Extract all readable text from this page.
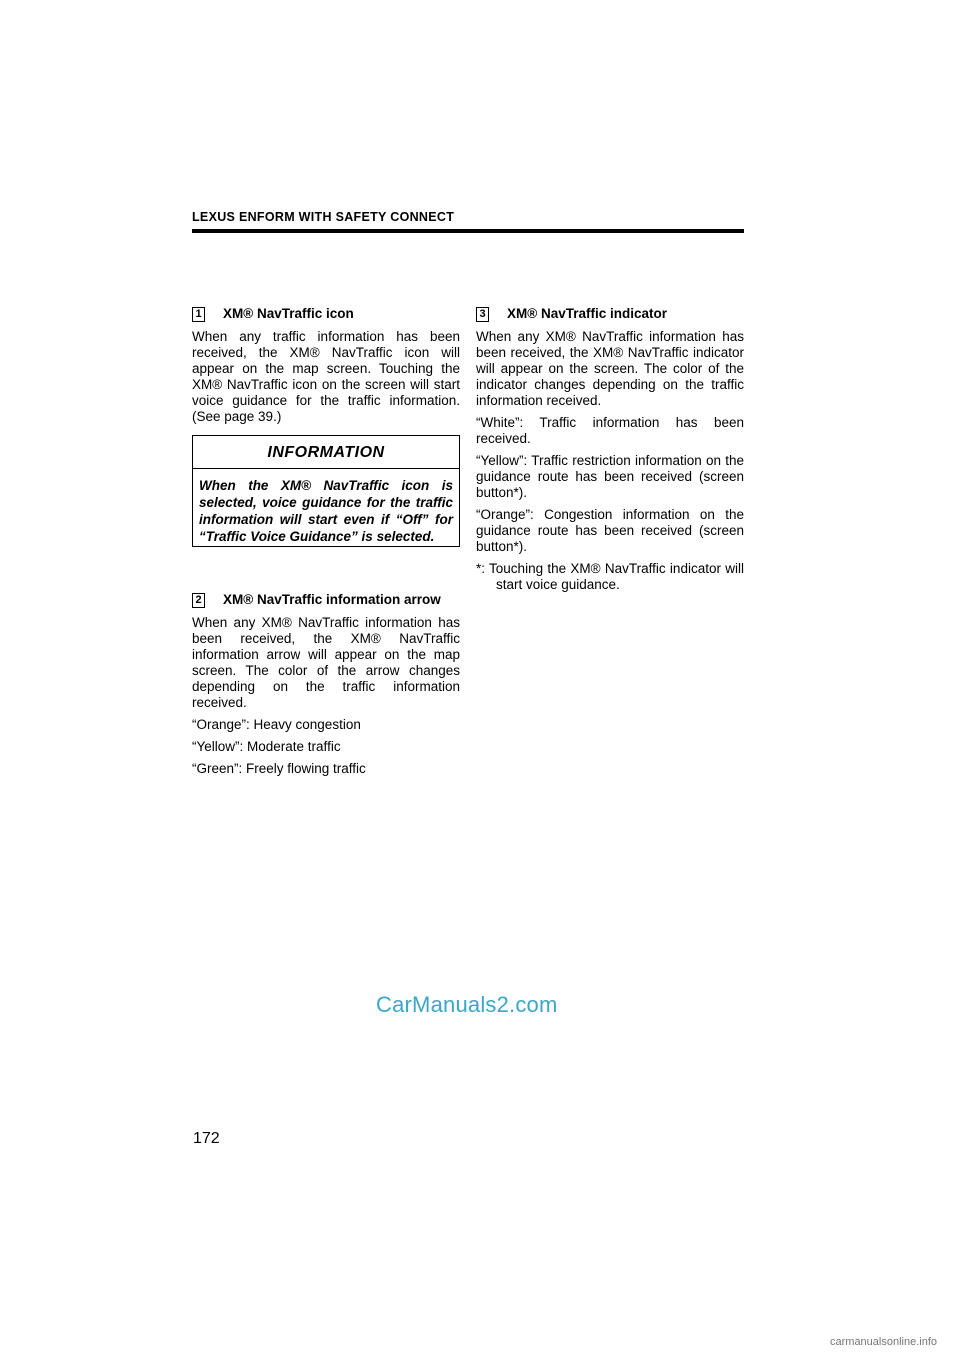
LEXUS ENFORM WITH SAFETY CONNECT
1 XM® NavTraffic icon

When any traffic information has been received, the XM® NavTraffic icon will appear on the map screen. Touching the XM® NavTraffic icon on the screen will start voice guidance for the traffic information. (See page 39.)

INFORMATION
When the XM® NavTraffic icon is selected, voice guidance for the traffic information will start even if “Off” for “Traffic Voice Guidance” is selected.
2 XM® NavTraffic information arrow

When any XM® NavTraffic information has been received, the XM® NavTraffic information arrow will appear on the map screen. The color of the arrow changes depending on the traffic information received.

“Orange”: Heavy congestion

“Yellow”: Moderate traffic

“Green”: Freely flowing traffic

3 XM® NavTraffic indicator

When any XM® NavTraffic information has been received, the XM® NavTraffic indicator will appear on the screen. The color of the indicator changes depending on the traffic information received.

“White”: Traffic information has been received.

“Yellow”: Traffic restriction information on the guidance route has been received (screen button*).

“Orange”: Congestion information on the guidance route has been received (screen button*).

*: Touching the XM® NavTraffic indicator will start voice guidance.

CarManuals2.com
172
carmanualsonline.info
